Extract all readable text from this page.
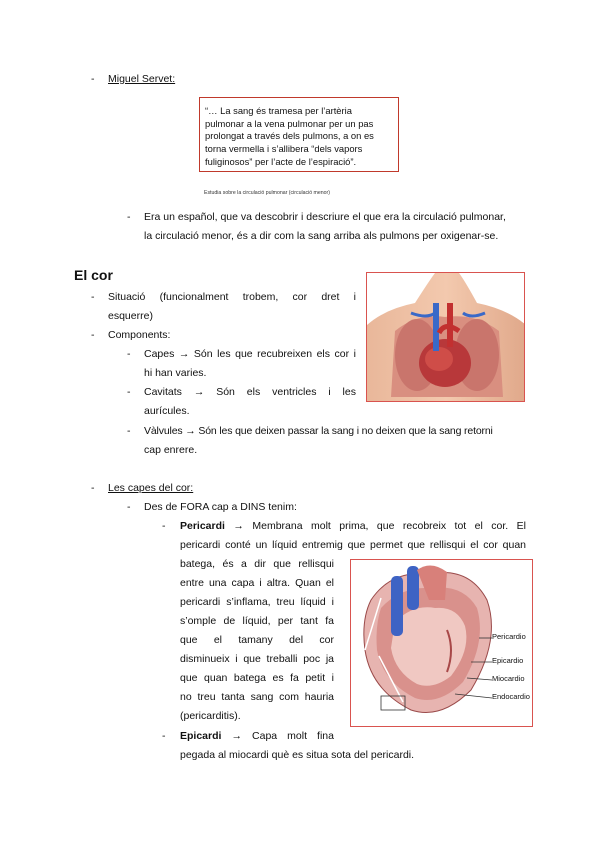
- Miguel Servet:
“… La sang és tramesa per l’artèria
pulmonar a la vena pulmonar per un pas
prolongat a través dels pulmons, a on es
torna vermella i s’allibera “dels vapors
fuliginosos” per l’acte de l’espiració”.
Estudia sobre la circulació pulmonar (circulació menor)
- Era un español, que va descobrir i descriure el que era la circulació pulmonar,
la circulació menor, és a dir com la sang arriba als pulmons per oxigenar-se.
El cor
- Situació (funcionalment trobem, cor dret i
esquerre)
- Components:
- Capes → Són les que recubreixen els cor i
hi han varies.
- Cavitats → Són els ventricles i les
aurícules.
- Vàlvules → Són les que deixen passar la sang i no deixen que la sang retorni
cap enrere.
- Les capes del cor:
- Des de FORA cap a DINS tenim:
- Pericardi → Membrana molt prima, que recobreix tot el cor. El
pericardi conté un líquid entremig que permet que rellisqui el cor quan
batega, és a dir que rellisqui
entre una capa i altra. Quan el
pericardi s’inflama, treu líquid i
s’omple de líquid, per tant fa
que el tamany del cor
disminueix i que treballi poc ja
que quan batega es fa petit i
no treu tanta sang com hauria
(pericarditis).
- Epicardi → Capa molt fina
pegada al miocardi què es situa sota del pericardi.
Pericardio
Epicardio
Miocardio
Endocardio
